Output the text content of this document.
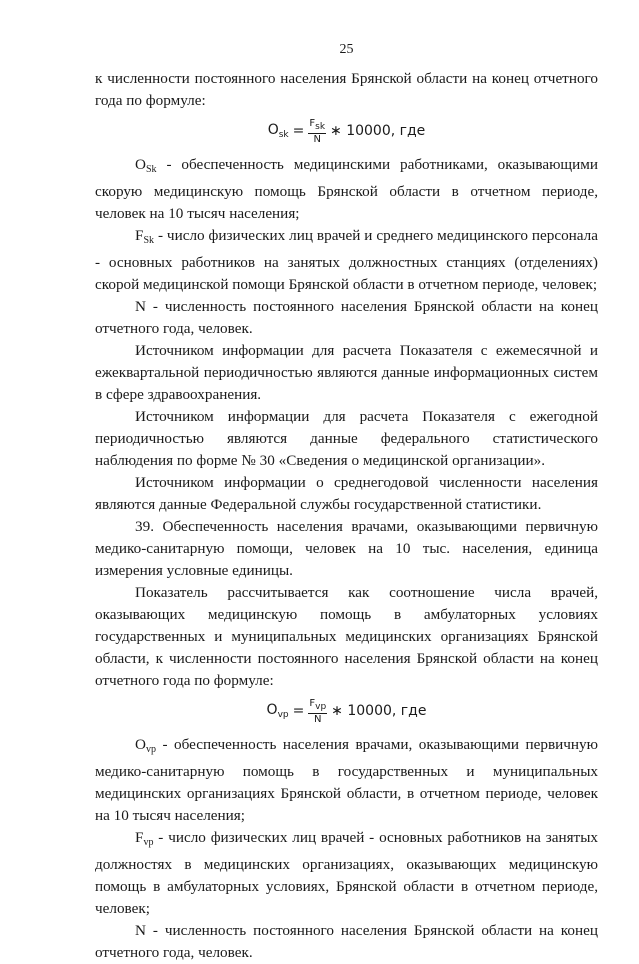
25

к численности постоянного населения Брянской области на конец отчетного года по формуле:

$O_{sk} = \frac{\text{Fsk}}{N}$ ∗ 10000, где

OSk - обеспеченность медицинскими работниками, оказывающими скорую медицинскую помощь Брянской области в отчетном периоде, человек на 10 тысяч населения;

FSk - число физических лиц врачей и среднего медицинского персонала - основных работников на занятых должностных станциях (отделениях) скорой медицинской помощи Брянской области в отчетном периоде, человек;

N - численность постоянного населения Брянской области на конец отчетного года, человек.

Источником информации для расчета Показателя с ежемесячной и ежеквартальной периодичностью являются данные информационных систем в сфере здравоохранения.

Источником информации для расчета Показателя с ежегодной периодичностью являются данные федерального статистического наблюдения по форме № 30 «Сведения о медицинской организации».

Источником информации о среднегодовой численности населения являются данные Федеральной службы государственной статистики.

39. Обеспеченность населения врачами, оказывающими первичную медико-санитарную помощи, человек на 10 тыс. населения, единица измерения условные единицы.

Показатель рассчитывается как соотношение числа врачей, оказывающих медицинскую помощь в амбулаторных условиях государственных и муниципальных медицинских организациях Брянской области, к численности постоянного населения Брянской области на конец отчетного года по формуле:

$O_{vp} = \frac{\text{Fvp}}{N}$ ∗ 10000, где

Ovp - обеспеченность населения врачами, оказывающими первичную медико-санитарную помощь в государственных и муниципальных медицинских организациях Брянской области, в отчетном периоде, человек на 10 тысяч населения;

Fvp - число физических лиц врачей - основных работников на занятых должностях в медицинских организациях, оказывающих медицинскую помощь в амбулаторных условиях, Брянской области в отчетном периоде, человек;

N - численность постоянного населения Брянской области на конец отчетного года, человек.
